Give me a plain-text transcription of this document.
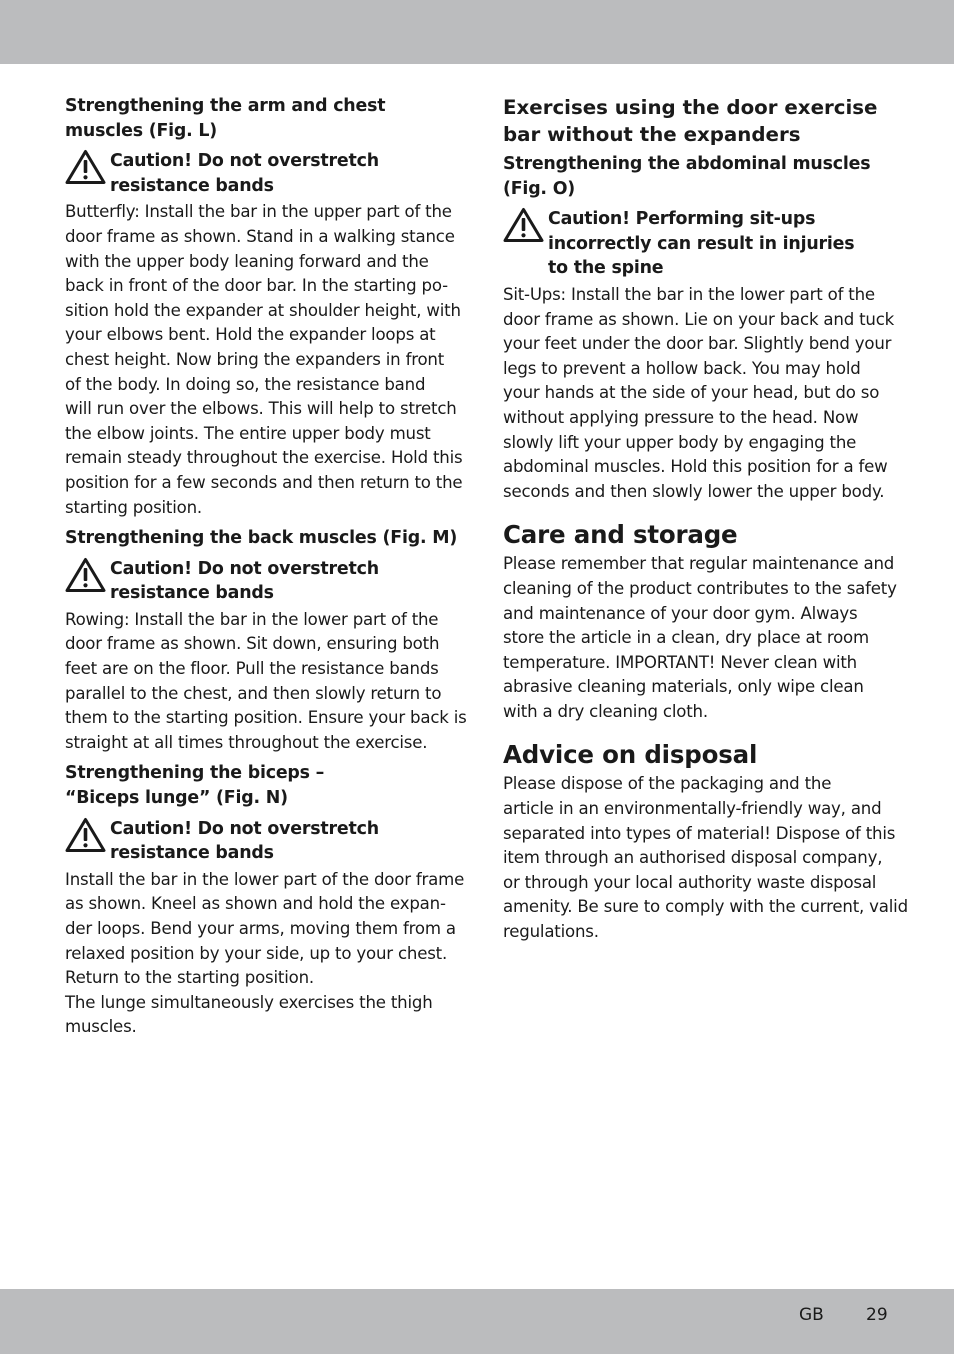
Strengthening the arm and chest
muscles (Fig. L)

Caution! Do not overstretch
resistance bands

Butterfly: Install the bar in the upper part of the
door frame as shown. Stand in a walking stance
with the upper body leaning forward and the
back in front of the door bar. In the starting po-
sition hold the expander at shoulder height, with
your elbows bent. Hold the expander loops at
chest height. Now bring the expanders in front
of the body. In doing so, the resistance band
will run over the elbows. This will help to stretch
the elbow joints. The entire upper body must
remain steady throughout the exercise. Hold this
position for a few seconds and then return to the
starting position.

Strengthening the back muscles (Fig. M)

Caution! Do not overstretch
resistance bands

Rowing: Install the bar in the lower part of the
door frame as shown. Sit down, ensuring both
feet are on the floor. Pull the resistance bands
parallel to the chest, and then slowly return to
them to the starting position. Ensure your back is
straight at all times throughout the exercise.

Strengthening the biceps –
“Biceps lunge” (Fig. N)

Caution! Do not overstretch
resistance bands

Install the bar in the lower part of the door frame
as shown. Kneel as shown and hold the expan-
der loops. Bend your arms, moving them from a
relaxed position by your side, up to your chest.
Return to the starting position.
The lunge simultaneously exercises the thigh
muscles.

Exercises using the door exercise
bar without the expanders
Strengthening the abdominal muscles
(Fig. O)

Caution! Performing sit-ups
incorrectly can result in injuries
to the spine

Sit-Ups: Install the bar in the lower part of the
door frame as shown. Lie on your back and tuck
your feet under the door bar. Slightly bend your
legs to prevent a hollow back. You may hold
your hands at the side of your head, but do so
without applying pressure to the head. Now
slowly lift your upper body by engaging the
abdominal muscles. Hold this position for a few
seconds and then slowly lower the upper body.

Care and storage

Please remember that regular maintenance and
cleaning of the product contributes to the safety
and maintenance of your door gym. Always
store the article in a clean, dry place at room
temperature. IMPORTANT! Never clean with
abrasive cleaning materials, only wipe clean
with a dry cleaning cloth.

Advice on disposal

Please dispose of the packaging and the
article in an environmentally-friendly way, and
separated into types of material! Dispose of this
item through an authorised disposal company,
or through your local authority waste disposal
amenity. Be sure to comply with the current, valid
regulations.

GB 29
